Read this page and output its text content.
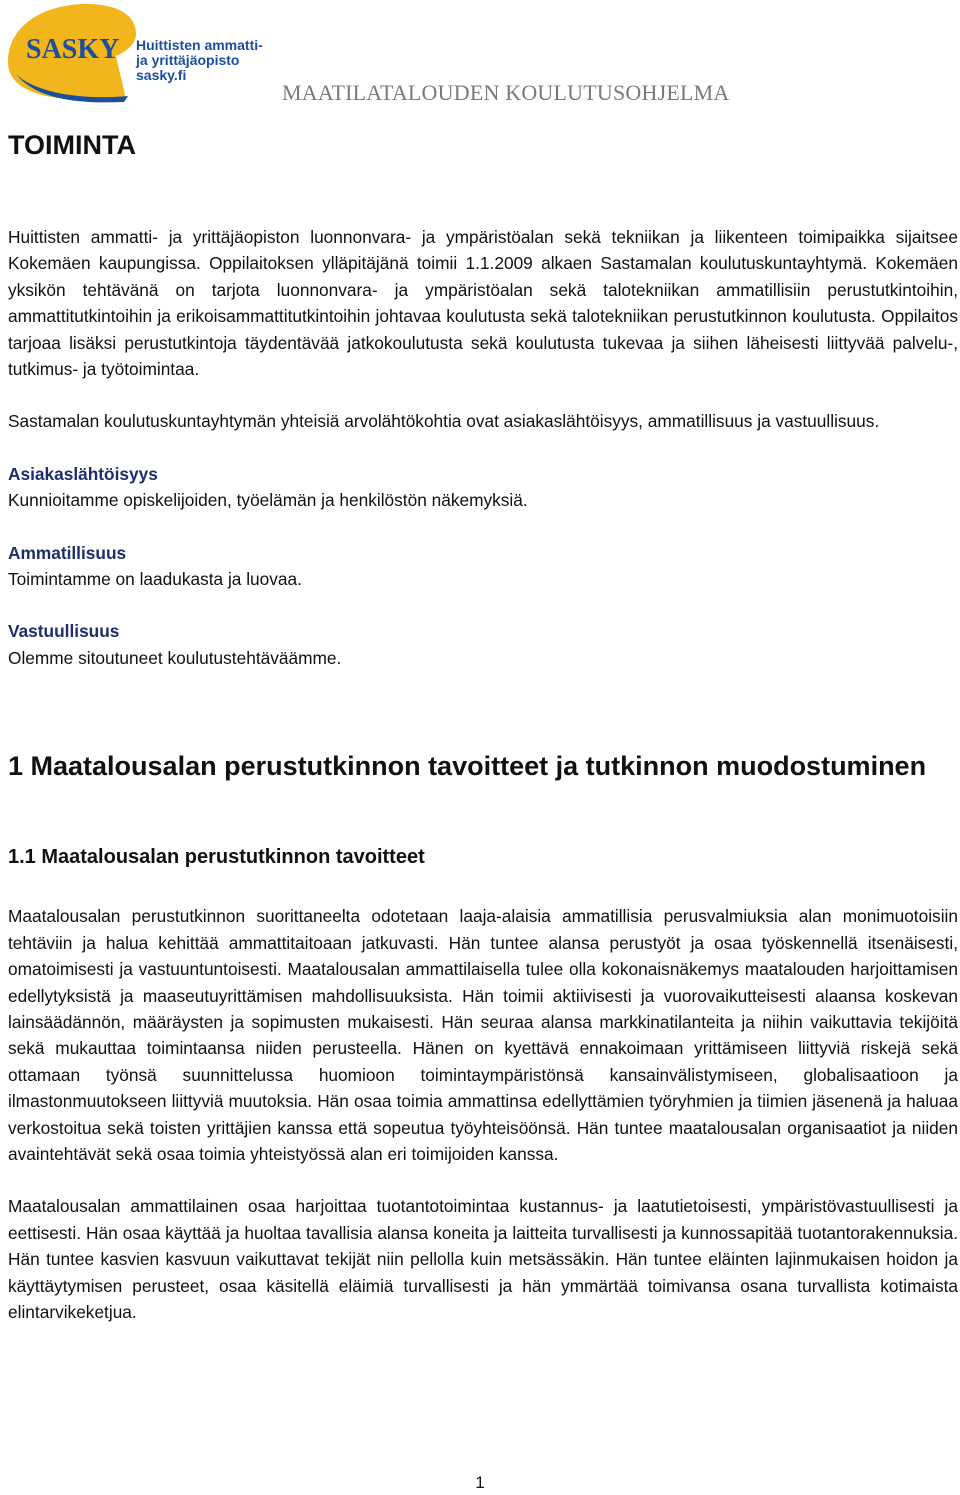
SASKY Huittisten ammatti-
ja yrittäjäopisto
sasky.fi
MAATILATALOUDEN KOULUTUSOHJELMA
TOIMINTA

Huittisten ammatti- ja yrittäjäopiston luonnonvara- ja ympäristöalan sekä tekniikan ja liikenteen toimipaikka sijaitsee Kokemäen kaupungissa. Oppilaitoksen ylläpitäjänä toimii 1.1.2009 alkaen Sastamalan koulutuskuntayhtymä. Kokemäen yksikön tehtävänä on tarjota luonnonvara- ja ympäristöalan sekä talotekniikan ammatillisiin perustutkintoihin, ammattitutkintoihin ja erikoisammattitutkintoihin johtavaa koulutusta sekä talotekniikan perustutkinnon koulutusta. Oppilaitos tarjoaa lisäksi perustutkintoja täydentävää jatkokoulutusta sekä koulutusta tukevaa ja siihen läheisesti liittyvää palvelu-, tutkimus- ja työtoimintaa.

Sastamalan koulutuskuntayhtymän yhteisiä arvolähtökohtia ovat asiakaslähtöisyys, ammatillisuus ja vastuullisuus.

Asiakaslähtöisyys
Kunnioitamme opiskelijoiden, työelämän ja henkilöstön näkemyksiä.
Ammatillisuus
Toimintamme on laadukasta ja luovaa.
Vastuullisuus
Olemme sitoutuneet koulutustehtäväämme.
1 Maatalousalan perustutkinnon tavoitteet ja tutkinnon muodostuminen
1.1 Maatalousalan perustutkinnon tavoitteet

Maatalousalan perustutkinnon suorittaneelta odotetaan laaja-alaisia ammatillisia perusvalmiuksia alan monimuotoisiin tehtäviin ja halua kehittää ammattitaitoaan jatkuvasti. Hän tuntee alansa perustyöt ja osaa työskennellä itsenäisesti, omatoimisesti ja vastuuntuntoisesti. Maatalousalan ammattilaisella tulee olla kokonaisnäkemys maatalouden harjoittamisen edellytyksistä ja maaseutuyrittämisen mahdollisuuksista. Hän toimii aktiivisesti ja vuorovaikutteisesti alaansa koskevan lainsäädännön, määräysten ja sopimusten mukaisesti. Hän seuraa alansa markkinatilanteita ja niihin vaikuttavia tekijöitä sekä mukauttaa toimintaansa niiden perusteella. Hänen on kyettävä ennakoimaan yrittämiseen liittyviä riskejä sekä ottamaan työnsä suunnittelussa huomioon toimintaympäristönsä kansainvälistymiseen, globalisaatioon ja ilmastonmuutokseen liittyviä muutoksia. Hän osaa toimia ammattinsa edellyttämien työryhmien ja tiimien jäsenenä ja haluaa verkostoitua sekä toisten yrittäjien kanssa että sopeutua työyhteisöönsä. Hän tuntee maatalousalan organisaatiot ja niiden avaintehtävät sekä osaa toimia yhteistyössä alan eri toimijoiden kanssa.

Maatalousalan ammattilainen osaa harjoittaa tuotantotoimintaa kustannus- ja laatutietoisesti, ympäristövastuullisesti ja eettisesti. Hän osaa käyttää ja huoltaa tavallisia alansa koneita ja laitteita turvallisesti ja kunnossapitää tuotantorakennuksia. Hän tuntee kasvien kasvuun vaikuttavat tekijät niin pellolla kuin metsässäkin. Hän tuntee eläinten lajinmukaisen hoidon ja käyttäytymisen perusteet, osaa käsitellä eläimiä turvallisesti ja hän ymmärtää toimivansa osana turvallista kotimaista elintarvikeketjua.

1
